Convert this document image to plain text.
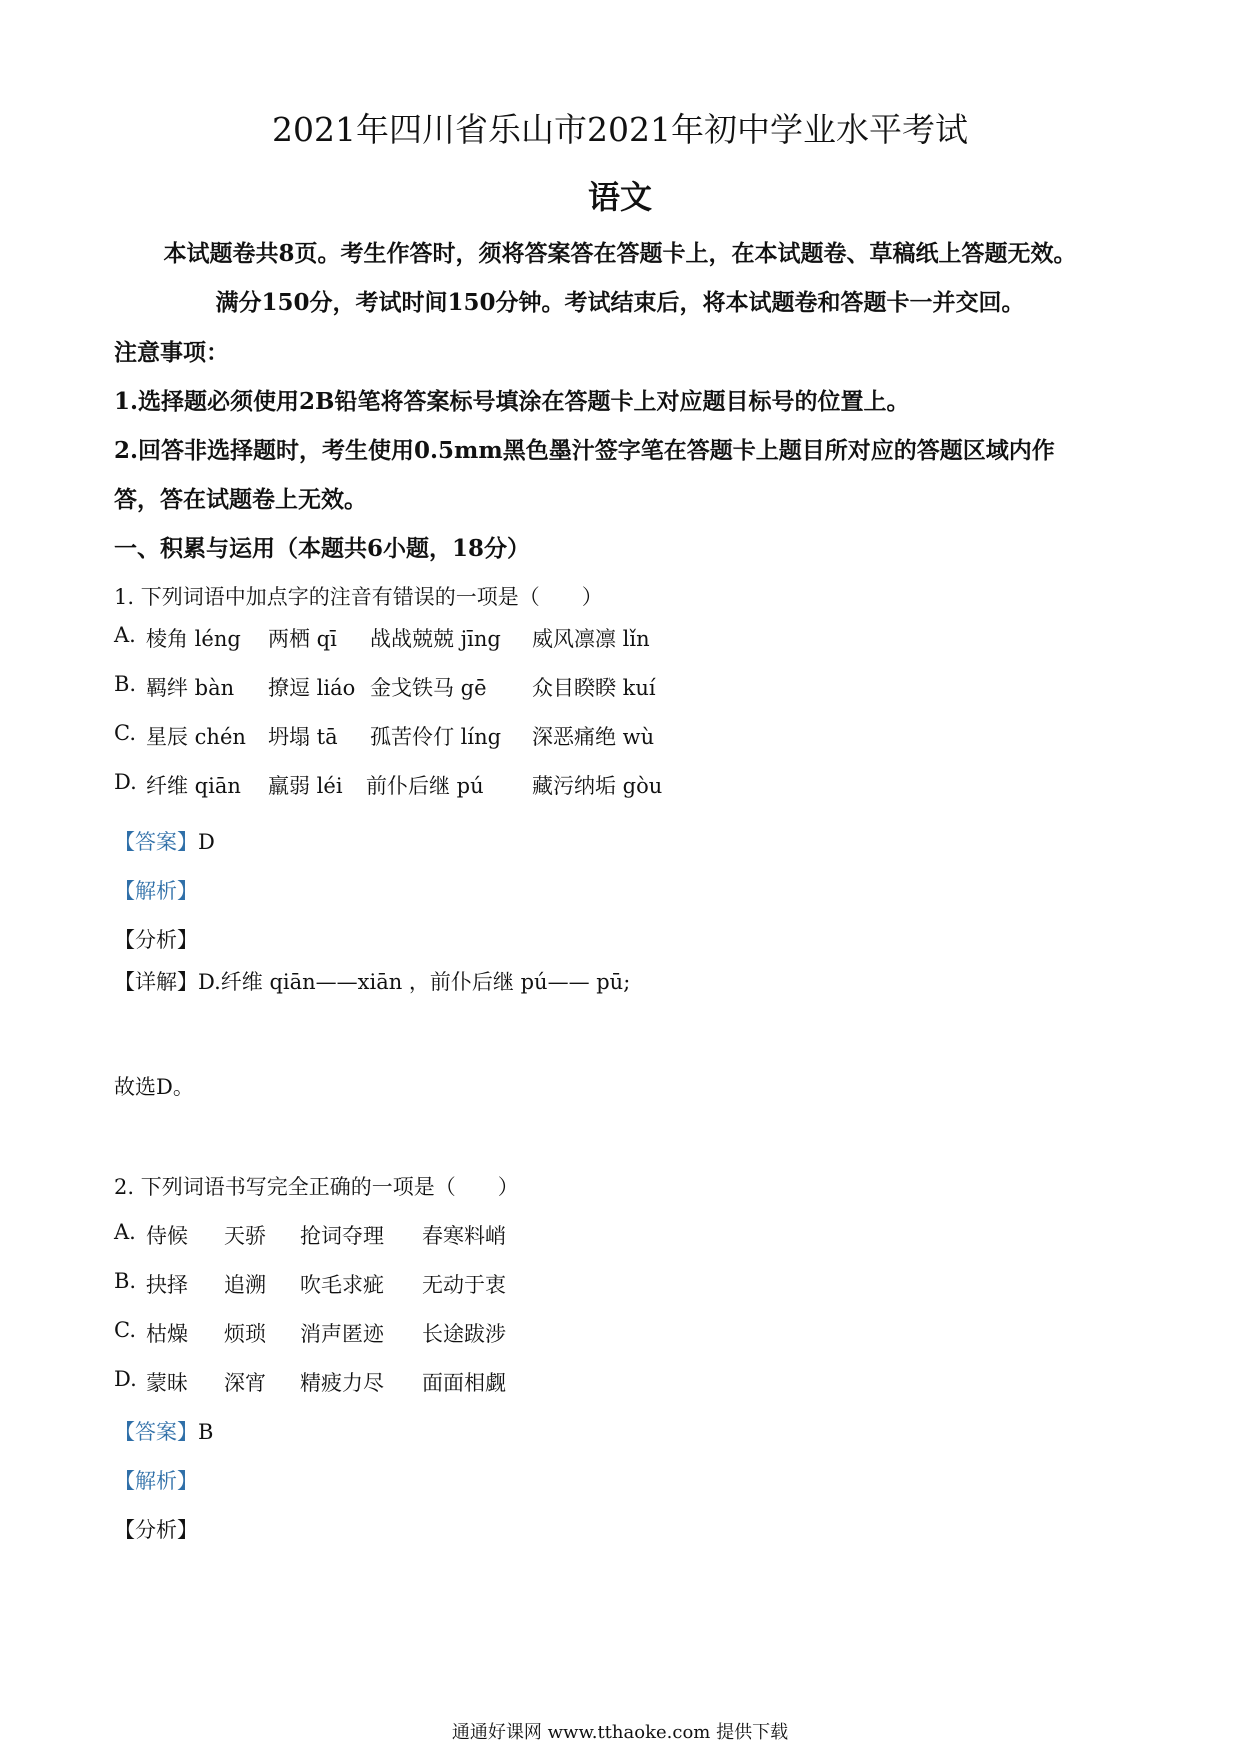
2021年四川省乐山市2021年初中学业水平考试
语文
本试题卷共8页。考生作答时，须将答案答在答题卡上，在本试题卷、草稿纸上答题无效。
满分150分，考试时间150分钟。考试结束后，将本试题卷和答题卡一并交回。
注意事项：
1.选择题必须使用2B铅笔将答案标号填涂在答题卡上对应题目标号的位置上。
2.回答非选择题时，考生使用0.5mm黑色墨汁签字笔在答题卡上题目所对应的答题区域内作
答，答在试题卷上无效。
一、积累与运用（本题共6小题，18分）
1. 下列词语中加点字的注音有错误的一项是（　　）
A. 棱角 léng 两栖 qī 战战兢兢 jīng 威风凛凛 lǐn
B. 羁绊 bàn 撩逗 liáo 金戈铁马 gē 众目睽睽 kuí
C. 星辰 chén 坍塌 tā 孤苦伶仃 líng 深恶痛绝 wù
D. 纤维 qiān 羸弱 léi 前仆后继 pú 藏污纳垢 gòu
【答案】D
【解析】
【分析】
【详解】D.纤维 qiān——xiān ，前仆后继 pú—— pū;
故选D。
2. 下列词语书写完全正确的一项是（　　）
A. 侍候 天骄 抢词夺理 春寒料峭
B. 抉择 追溯 吹毛求疵 无动于衷
C. 枯燥 烦琐 消声匿迹 长途跋涉
D. 蒙昧 深宵 精疲力尽 面面相觑
【答案】B
【解析】
【分析】
通通好课网 www.tthaoke.com 提供下载
